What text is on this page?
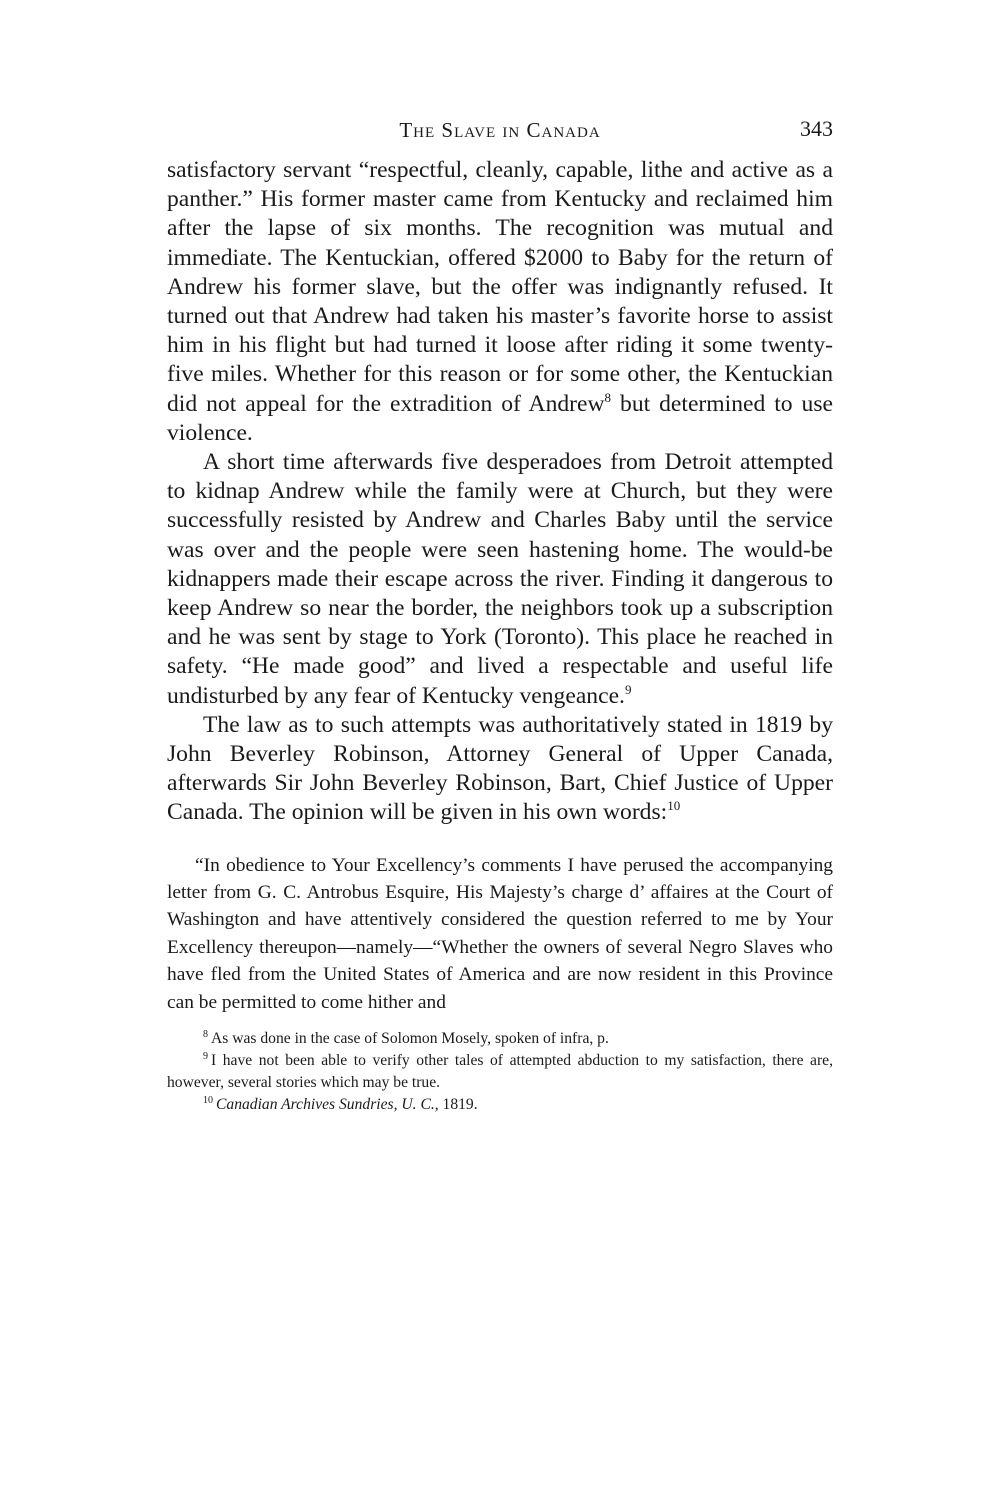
The Slave in Canada	343

satisfactory servant “respectful, cleanly, capable, lithe and active as a panther.” His former master came from Kentucky and reclaimed him after the lapse of six months. The recognition was mutual and immediate. The Kentuckian, offered $2000 to Baby for the return of Andrew his former slave, but the offer was indignantly refused. It turned out that Andrew had taken his master’s favorite horse to assist him in his flight but had turned it loose after riding it some twenty-five miles. Whether for this reason or for some other, the Kentuckian did not appeal for the extradition of Andrew$^8$ but determined to use violence.

A short time afterwards five desperadoes from Detroit attempted to kidnap Andrew while the family were at Church, but they were successfully resisted by Andrew and Charles Baby until the service was over and the people were seen hastening home. The would-be kidnappers made their escape across the river. Finding it dangerous to keep Andrew so near the border, the neighbors took up a subscription and he was sent by stage to York (Toronto). This place he reached in safety. “He made good” and lived a respectable and useful life undisturbed by any fear of Kentucky vengeance.$^9$

The law as to such attempts was authoritatively stated in 1819 by John Beverley Robinson, Attorney General of Upper Canada, afterwards Sir John Beverley Robinson, Bart, Chief Justice of Upper Canada. The opinion will be given in his own words:$^{10}$

“In obedience to Your Excellency’s comments I have perused the accompanying letter from G. C. Antrobus Esquire, His Majesty’s charge d’ affaires at the Court of Washington and have attentively considered the question referred to me by Your Excellency thereupon—namely—“Whether the owners of several Negro Slaves who have fled from the United States of America and are now resident in this Province can be permitted to come hither and

$^8$ As was done in the case of Solomon Mosely, spoken of infra, p.

$^9$ I have not been able to verify other tales of attempted abduction to my satisfaction, there are, however, several stories which may be true.

$^{10}$ Canadian Archives Sundries, U. C., 1819.
